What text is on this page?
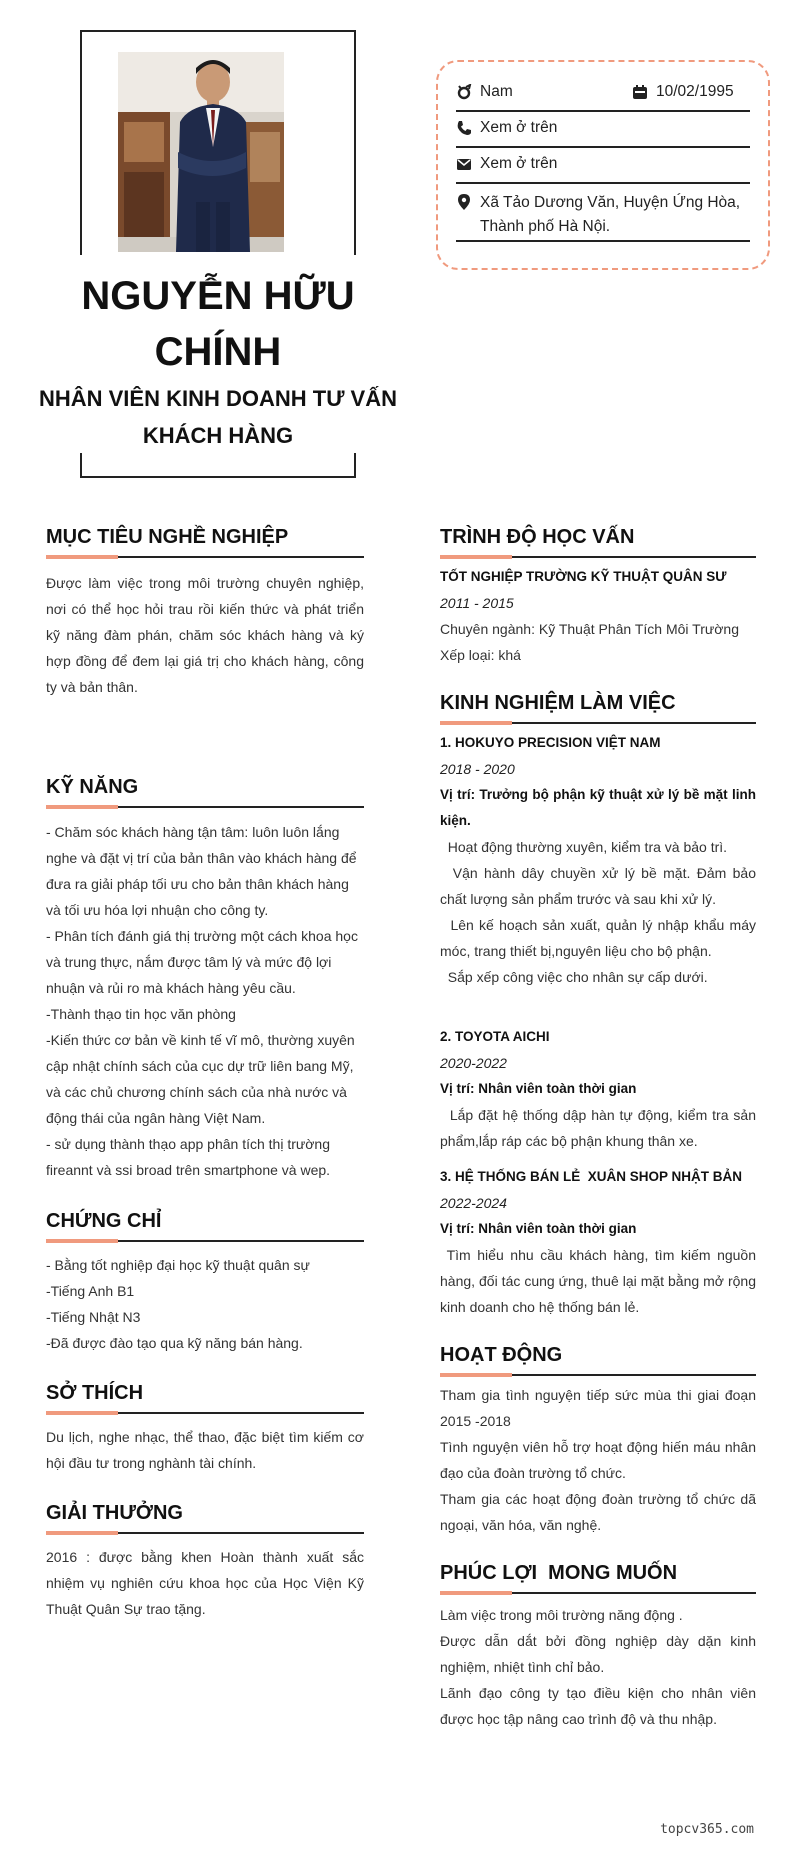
NGUYỄN HỮU
CHÍNH
NHÂN VIÊN KINH DOANH TƯ VẤN
KHÁCH HÀNG
Nam	10/02/1995
Xem ở trên
Xem ở trên
Xã Tảo Dương Văn, Huyện Ứng Hòa,
Thành phố Hà Nội.
MỤC TIÊU NGHỀ NGHIỆP
Được làm việc trong môi trường chuyên nghiệp, nơi có thể học hỏi trau rồi kiến thức và phát triển kỹ năng đàm phán, chăm sóc khách hàng và ký hợp đồng để đem lại giá trị cho khách hàng, công ty và bản thân.
KỸ NĂNG
- Chăm sóc khách hàng tận tâm: luôn luôn lắng
nghe và đặt vị trí của bản thân vào khách hàng để
đưa ra giải pháp tối ưu cho bản thân khách hàng
và tối ưu hóa lợi nhuận cho công ty.
- Phân tích đánh giá thị trường một cách khoa học
và trung thực, nắm được tâm lý và mức độ lợi
nhuận và rủi ro mà khách hàng yêu cầu.
-Thành thạo tin học văn phòng
-Kiến thức cơ bản về kinh tế vĩ mô, thường xuyên
cập nhật chính sách của cục dự trữ liên bang Mỹ,
và các chủ chương chính sách của nhà nước và
động thái của ngân hàng Việt Nam.
- sử dụng thành thạo app phân tích thị trường
fireannt và ssi broad trên smartphone và wep.
CHỨNG CHỈ
- Bằng tốt nghiệp đại học kỹ thuật quân sự
-Tiếng Anh B1
-Tiếng Nhật N3
-Đã được đào tạo qua kỹ năng bán hàng.
SỞ THÍCH
Du lịch, nghe nhạc, thể thao, đặc biệt tìm kiếm cơ hội đầu tư trong nghành tài chính.
GIẢI THƯỞNG
2016 : được bằng khen Hoàn thành xuất sắc nhiệm vụ nghiên cứu khoa học của Học Viện Kỹ Thuật Quân Sự trao tặng.
TRÌNH ĐỘ HỌC VẤN
TỐT NGHIỆP TRƯỜNG KỸ THUẬT QUÂN SƯ
2011 - 2015
Chuyên ngành: Kỹ Thuật Phân Tích Môi Trường
Xếp loại: khá
KINH NGHIỆM LÀM VIỆC
1. HOKUYO PRECISION VIỆT NAM
2018 - 2020
Vị trí: Trưởng bộ phận kỹ thuật xử lý bề mặt linh kiện.
Hoạt động thường xuyên, kiểm tra và bảo trì.
Vận hành dây chuyền xử lý bề mặt. Đảm bảo chất lượng sản phẩm trước và sau khi xử lý.
Lên kế hoạch sản xuất, quản lý nhập khẩu máy móc, trang thiết bị,nguyên liệu cho bộ phận.
Sắp xếp công việc cho nhân sự cấp dưới.
2. TOYOTA AICHI
2020-2022
Vị trí: Nhân viên toàn thời gian
Lắp đặt hệ thống dập hàn tự động, kiểm tra sản phẩm,lắp ráp các bộ phận khung thân xe.
3. HỆ THỐNG BÁN LẺ  XUÂN SHOP NHẬT BẢN
2022-2024
Vị trí: Nhân viên toàn thời gian
Tìm hiểu nhu cầu khách hàng, tìm kiếm nguồn hàng, đối tác cung ứng, thuê lại mặt bằng mở rộng kinh doanh cho hệ thống bán lẻ.
HOẠT ĐỘNG
Tham gia tình nguyện tiếp sức mùa thi giai đoạn 2015 -2018
Tình nguyện viên hỗ trợ hoạt động hiến máu nhân đạo của đoàn trường tổ chức.
Tham gia các hoạt động đoàn trường tổ chức dã ngoại, văn hóa, văn nghệ.
PHÚC LỢI  MONG MUỐN
Làm việc trong môi trường năng động .
Được dẫn dắt bởi đồng nghiệp dày dặn kinh nghiệm, nhiệt tình chỉ bảo.
Lãnh đạo công ty tạo điều kiện cho nhân viên được học tập nâng cao trình độ và thu nhập.
topcv365.com
